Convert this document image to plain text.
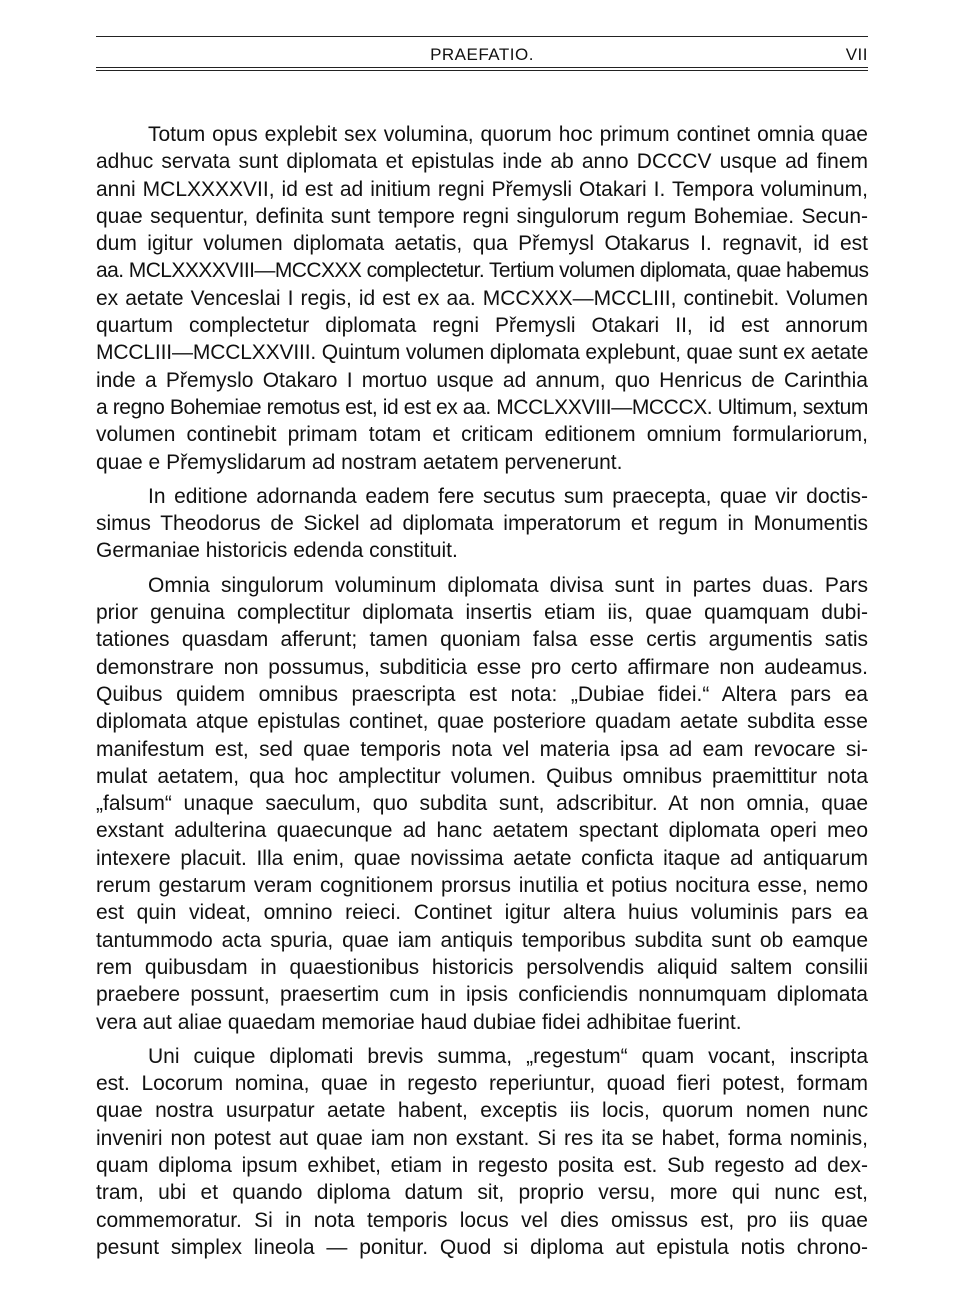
PRAEFATIO.	VII
Totum opus explebit sex volumina, quorum hoc primum continet omnia quae
adhuc servata sunt diplomata et epistulas inde ab anno DCCCV usque ad finem
anni MCLXXXXVII, id est ad initium regni Přemysli Otakari I. Tempora voluminum,
quae sequentur, definita sunt tempore regni singulorum regum Bohemiae. Secun-
dum igitur volumen diplomata aetatis, qua Přemysl Otakarus I. regnavit, id est
aa. MCLXXXXVIII—MCCXXX complectetur. Tertium volumen diplomata, quae habemus
ex aetate Venceslai I regis, id est ex aa. MCCXXX—MCCLIII, continebit. Volumen
quartum complectetur diplomata regni Přemysli Otakari II, id est annorum
MCCLIII—MCCLXXVIII. Quintum volumen diplomata explebunt, quae sunt ex aetate
inde a Přemyslo Otakaro I mortuo usque ad annum, quo Henricus de Carinthia
a regno Bohemiae remotus est, id est ex aa. MCCLXXVIII—MCCCX. Ultimum, sextum
volumen continebit primam totam et criticam editionem omnium formulariorum,
quae e Přemyslidarum ad nostram aetatem pervenerunt.
In editione adornanda eadem fere secutus sum praecepta, quae vir doctis-
simus Theodorus de Sickel ad diplomata imperatorum et regum in Monumentis
Germaniae historicis edenda constituit.
Omnia singulorum voluminum diplomata divisa sunt in partes duas. Pars
prior genuina complectitur diplomata insertis etiam iis, quae quamquam dubi-
tationes quasdam afferunt; tamen quoniam falsa esse certis argumentis satis
demonstrare non possumus, subditicia esse pro certo affirmare non audeamus.
Quibus quidem omnibus praescripta est nota: „Dubiae fidei.“ Altera pars ea
diplomata atque epistulas continet, quae posteriore quadam aetate subdita esse
manifestum est, sed quae temporis nota vel materia ipsa ad eam revocare si-
mulat aetatem, qua hoc amplectitur volumen. Quibus omnibus praemittitur nota
„falsum“ unaque saeculum, quo subdita sunt, adscribitur. At non omnia, quae
exstant adulterina quaecunque ad hanc aetatem spectant diplomata operi meo
intexere placuit. Illa enim, quae novissima aetate conficta itaque ad antiquarum
rerum gestarum veram cognitionem prorsus inutilia et potius nocitura esse, nemo
est quin videat, omnino reieci. Continet igitur altera huius voluminis pars ea
tantummodo acta spuria, quae iam antiquis temporibus subdita sunt ob eamque
rem quibusdam in quaestionibus historicis persolvendis aliquid saltem consilii
praebere possunt, praesertim cum in ipsis conficiendis nonnumquam diplomata
vera aut aliae quaedam memoriae haud dubiae fidei adhibitae fuerint.
Uni cuique diplomati brevis summa, „regestum“ quam vocant, inscripta
est. Locorum nomina, quae in regesto reperiuntur, quoad fieri potest, formam
quae nostra usurpatur aetate habent, exceptis iis locis, quorum nomen nunc
inveniri non potest aut quae iam non exstant. Si res ita se habet, forma nominis,
quam diploma ipsum exhibet, etiam in regesto posita est. Sub regesto ad dex-
tram, ubi et quando diploma datum sit, proprio versu, more qui nunc est,
commemoratur. Si in nota temporis locus vel dies omissus est, pro iis quae
pesunt simplex lineola — ponitur. Quod si diploma aut epistula notis chrono-
